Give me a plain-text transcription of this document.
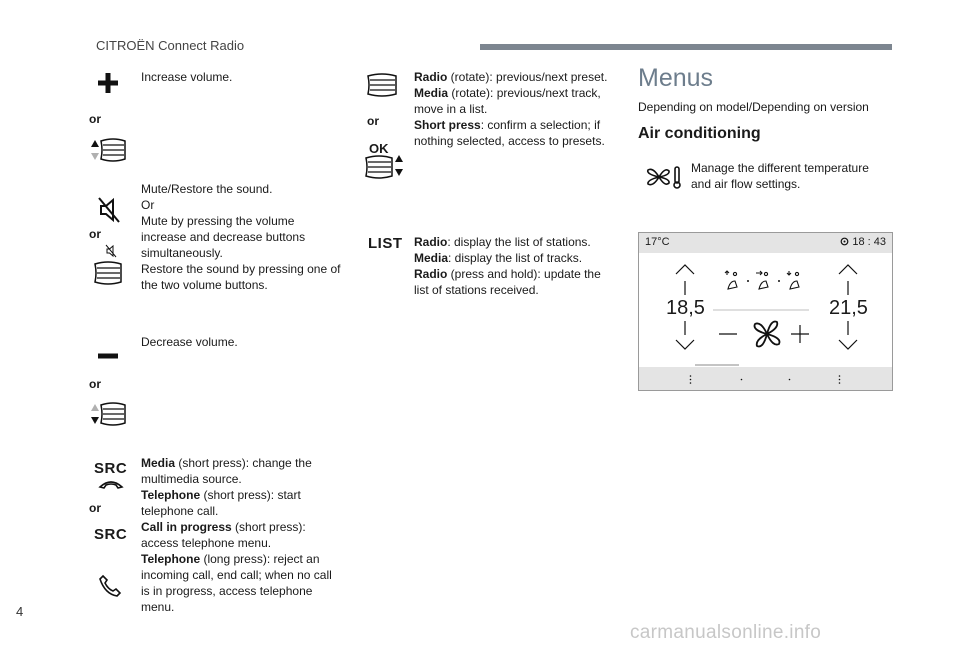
CITROËN Connect Radio
Increase volume.
or
Mute/Restore the sound.
Or
Mute by pressing the volume increase and decrease buttons simultaneously.
Restore the sound by pressing one of the two volume buttons.
or
Decrease volume.
or
SRC
or
SRC
Media (short press): change the multimedia source.
Telephone (short press): start telephone call.
Call in progress (short press): access telephone menu.
Telephone (long press): reject an incoming call, end call; when no call is in progress, access telephone menu.
or
OK
Radio (rotate): previous/next preset.
Media (rotate): previous/next track, move in a list.
Short press: confirm a selection; if nothing selected, access to presets.
LIST Radio: display the list of stations.
Media: display the list of tracks.
Radio (press and hold): update the list of stations received.
Menus
Depending on model/Depending on version
Air conditioning
Manage the different temperature and air flow settings.
17°C	18 : 43
18,5	21,5
4
carmanualsonline.info
